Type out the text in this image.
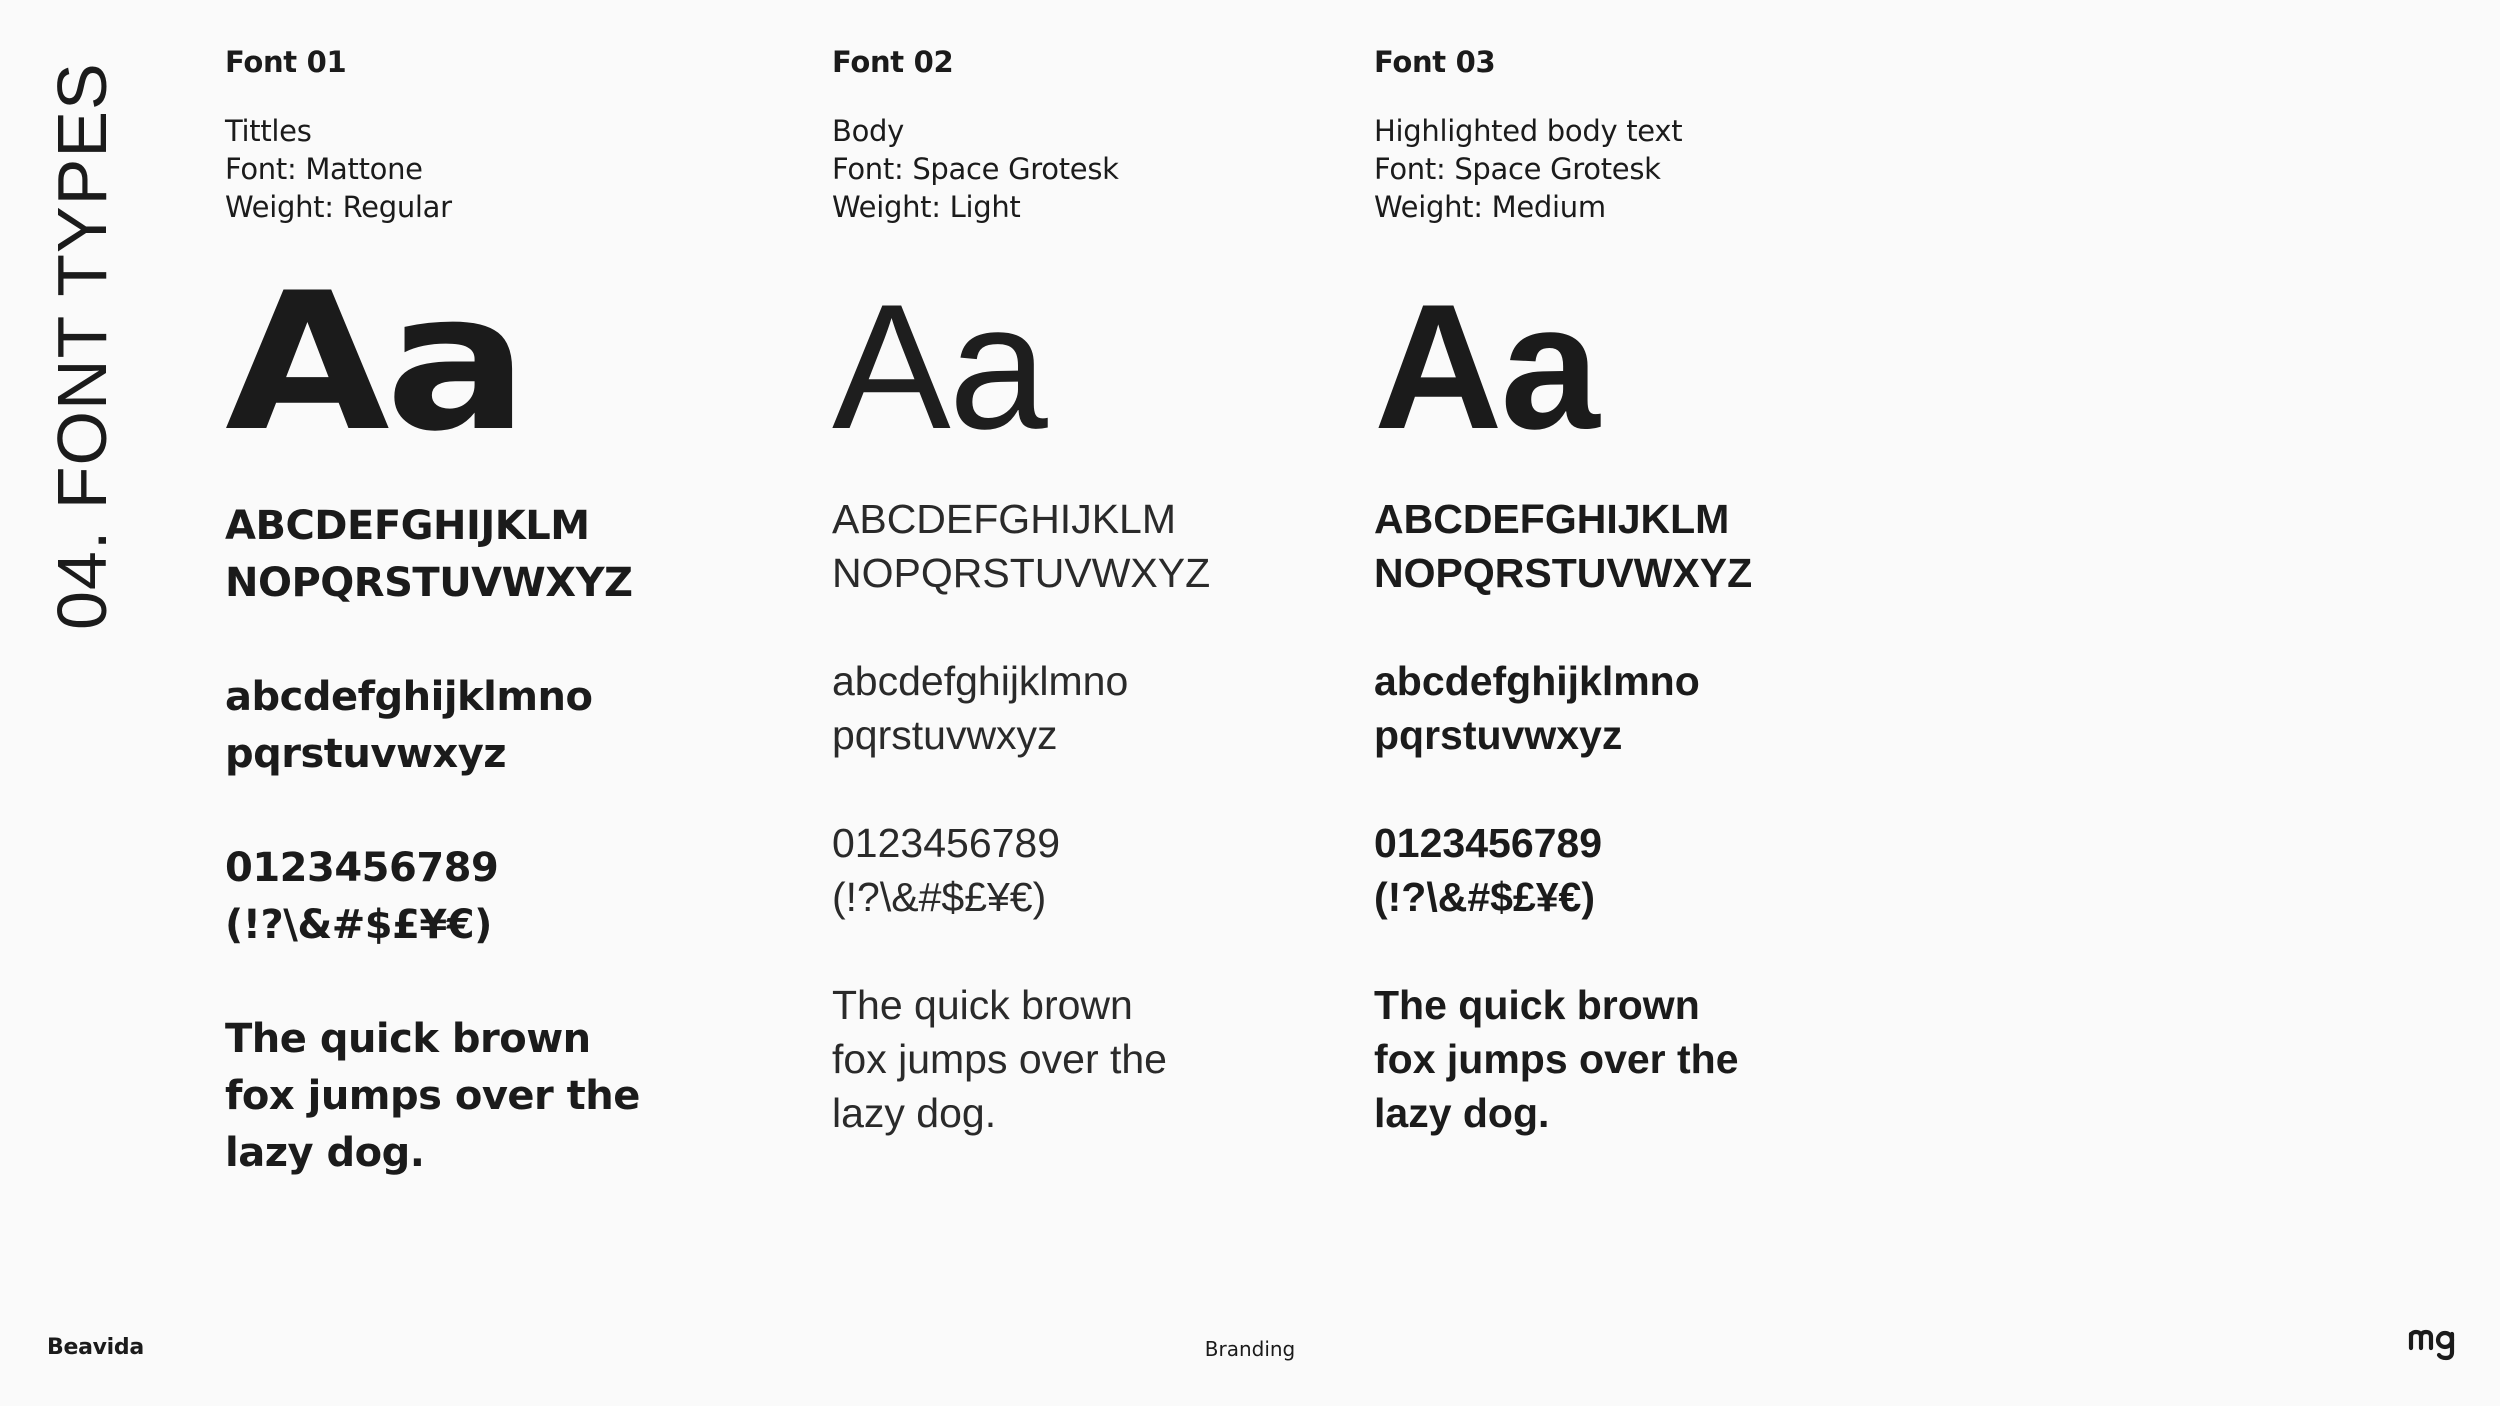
04. FONT TYPES
Font 01
Tittles
Font: Mattone
Weight: Regular
Aa
ABCDEFGHIJKLM
NOPQRSTUVWXYZ
abcdefghijklmno
pqrstuvwxyz
0123456789
(!?\&#$£¥€)
The quick brown
fox jumps over the
lazy dog.
Font 02
Body
Font: Space Grotesk
Weight: Light
Aa
ABCDEFGHIJKLM
NOPQRSTUVWXYZ
abcdefghijklmno
pqrstuvwxyz
0123456789
(!?\&#$£¥€)
The quick brown
fox jumps over the
lazy dog.
Font 03
Highlighted body text
Font: Space Grotesk
Weight: Medium
Aa
ABCDEFGHIJKLM
NOPQRSTUVWXYZ
abcdefghijklmno
pqrstuvwxyz
0123456789
(!?\&#$£¥€)
The quick brown
fox jumps over the
lazy dog.
Beavida	Branding
